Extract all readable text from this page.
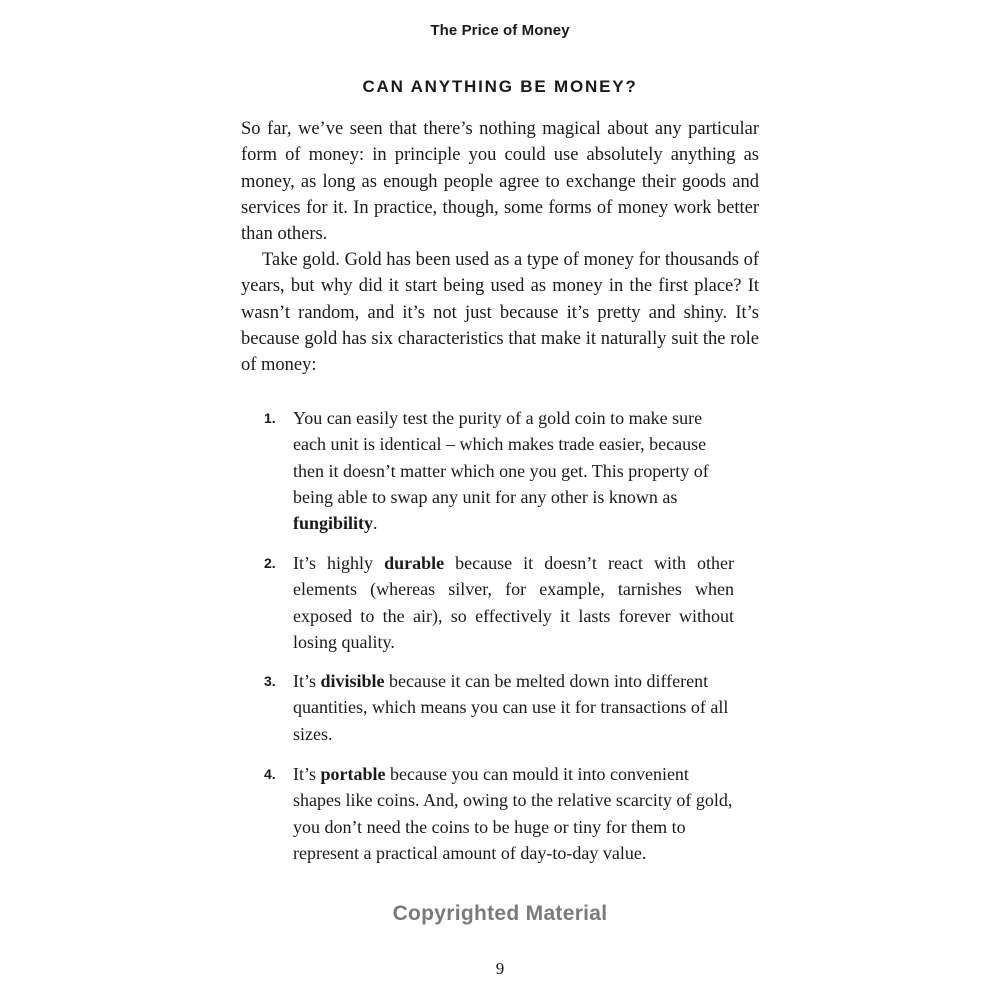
The Price of Money
CAN ANYTHING BE MONEY?

So far, we’ve seen that there’s nothing magical about any particular form of money: in principle you could use absolutely anything as money, as long as enough people agree to exchange their goods and services for it. In practice, though, some forms of money work better than others.

Take gold. Gold has been used as a type of money for thousands of years, but why did it start being used as money in the first place? It wasn’t random, and it’s not just because it’s pretty and shiny. It’s because gold has six characteristics that make it naturally suit the role of money:

1. You can easily test the purity of a gold coin to make sure each unit is identical – which makes trade easier, because then it doesn’t matter which one you get. This property of being able to swap any unit for any other is known as fungibility.
2. It’s highly durable because it doesn’t react with other elements (whereas silver, for example, tarnishes when exposed to the air), so effectively it lasts forever without losing quality.
3. It’s divisible because it can be melted down into different quantities, which means you can use it for transactions of all sizes.
4. It’s portable because you can mould it into convenient shapes like coins. And, owing to the relative scarcity of gold, you don’t need the coins to be huge or tiny for them to represent a practical amount of day-to-day value.
Copyrighted Material
9
